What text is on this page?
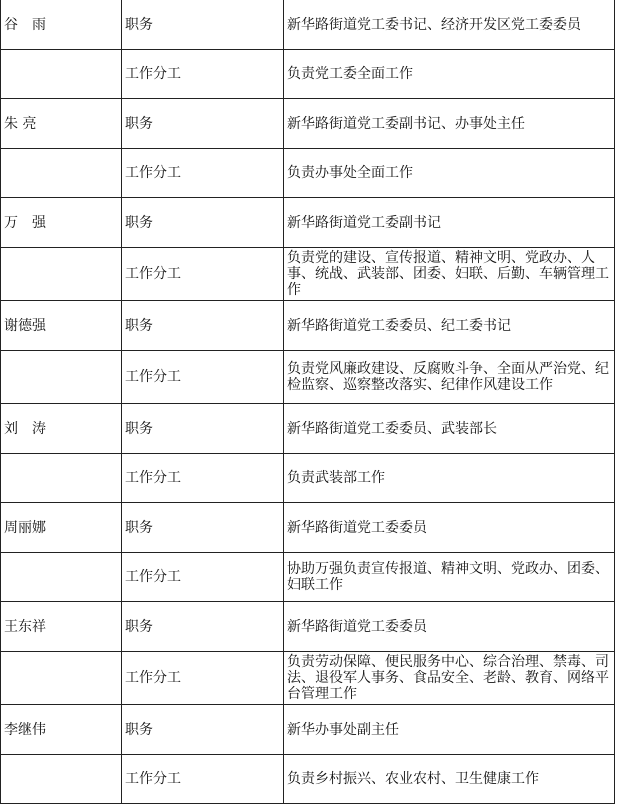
谷　雨	职务	新华路街道党工委书记、经济开发区党工委委员
	工作分工	负责党工委全面工作
朱 亮	职务	新华路街道党工委副书记、办事处主任
	工作分工	负责办事处全面工作
万　强	职务	新华路街道党工委副书记
	工作分工	负责党的建设、宣传报道、精神文明、党政办、人事、统战、武装部、团委、妇联、后勤、车辆管理工作
谢德强	职务	新华路街道党工委委员、纪工委书记
	工作分工	负责党风廉政建设、反腐败斗争、全面从严治党、纪检监察、巡察整改落实、纪律作风建设工作
刘　涛	职务	新华路街道党工委委员、武装部长
	工作分工	负责武装部工作
周丽娜	职务	新华路街道党工委委员
	工作分工	协助万强负责宣传报道、精神文明、党政办、团委、妇联工作
王东祥	职务	新华路街道党工委委员
	工作分工	负责劳动保障、便民服务中心、综合治理、禁毒、司法、退役军人事务、食品安全、老龄、教育、网络平台管理工作
李继伟	职务	新华办事处副主任
	工作分工	负责乡村振兴、农业农村、卫生健康工作
